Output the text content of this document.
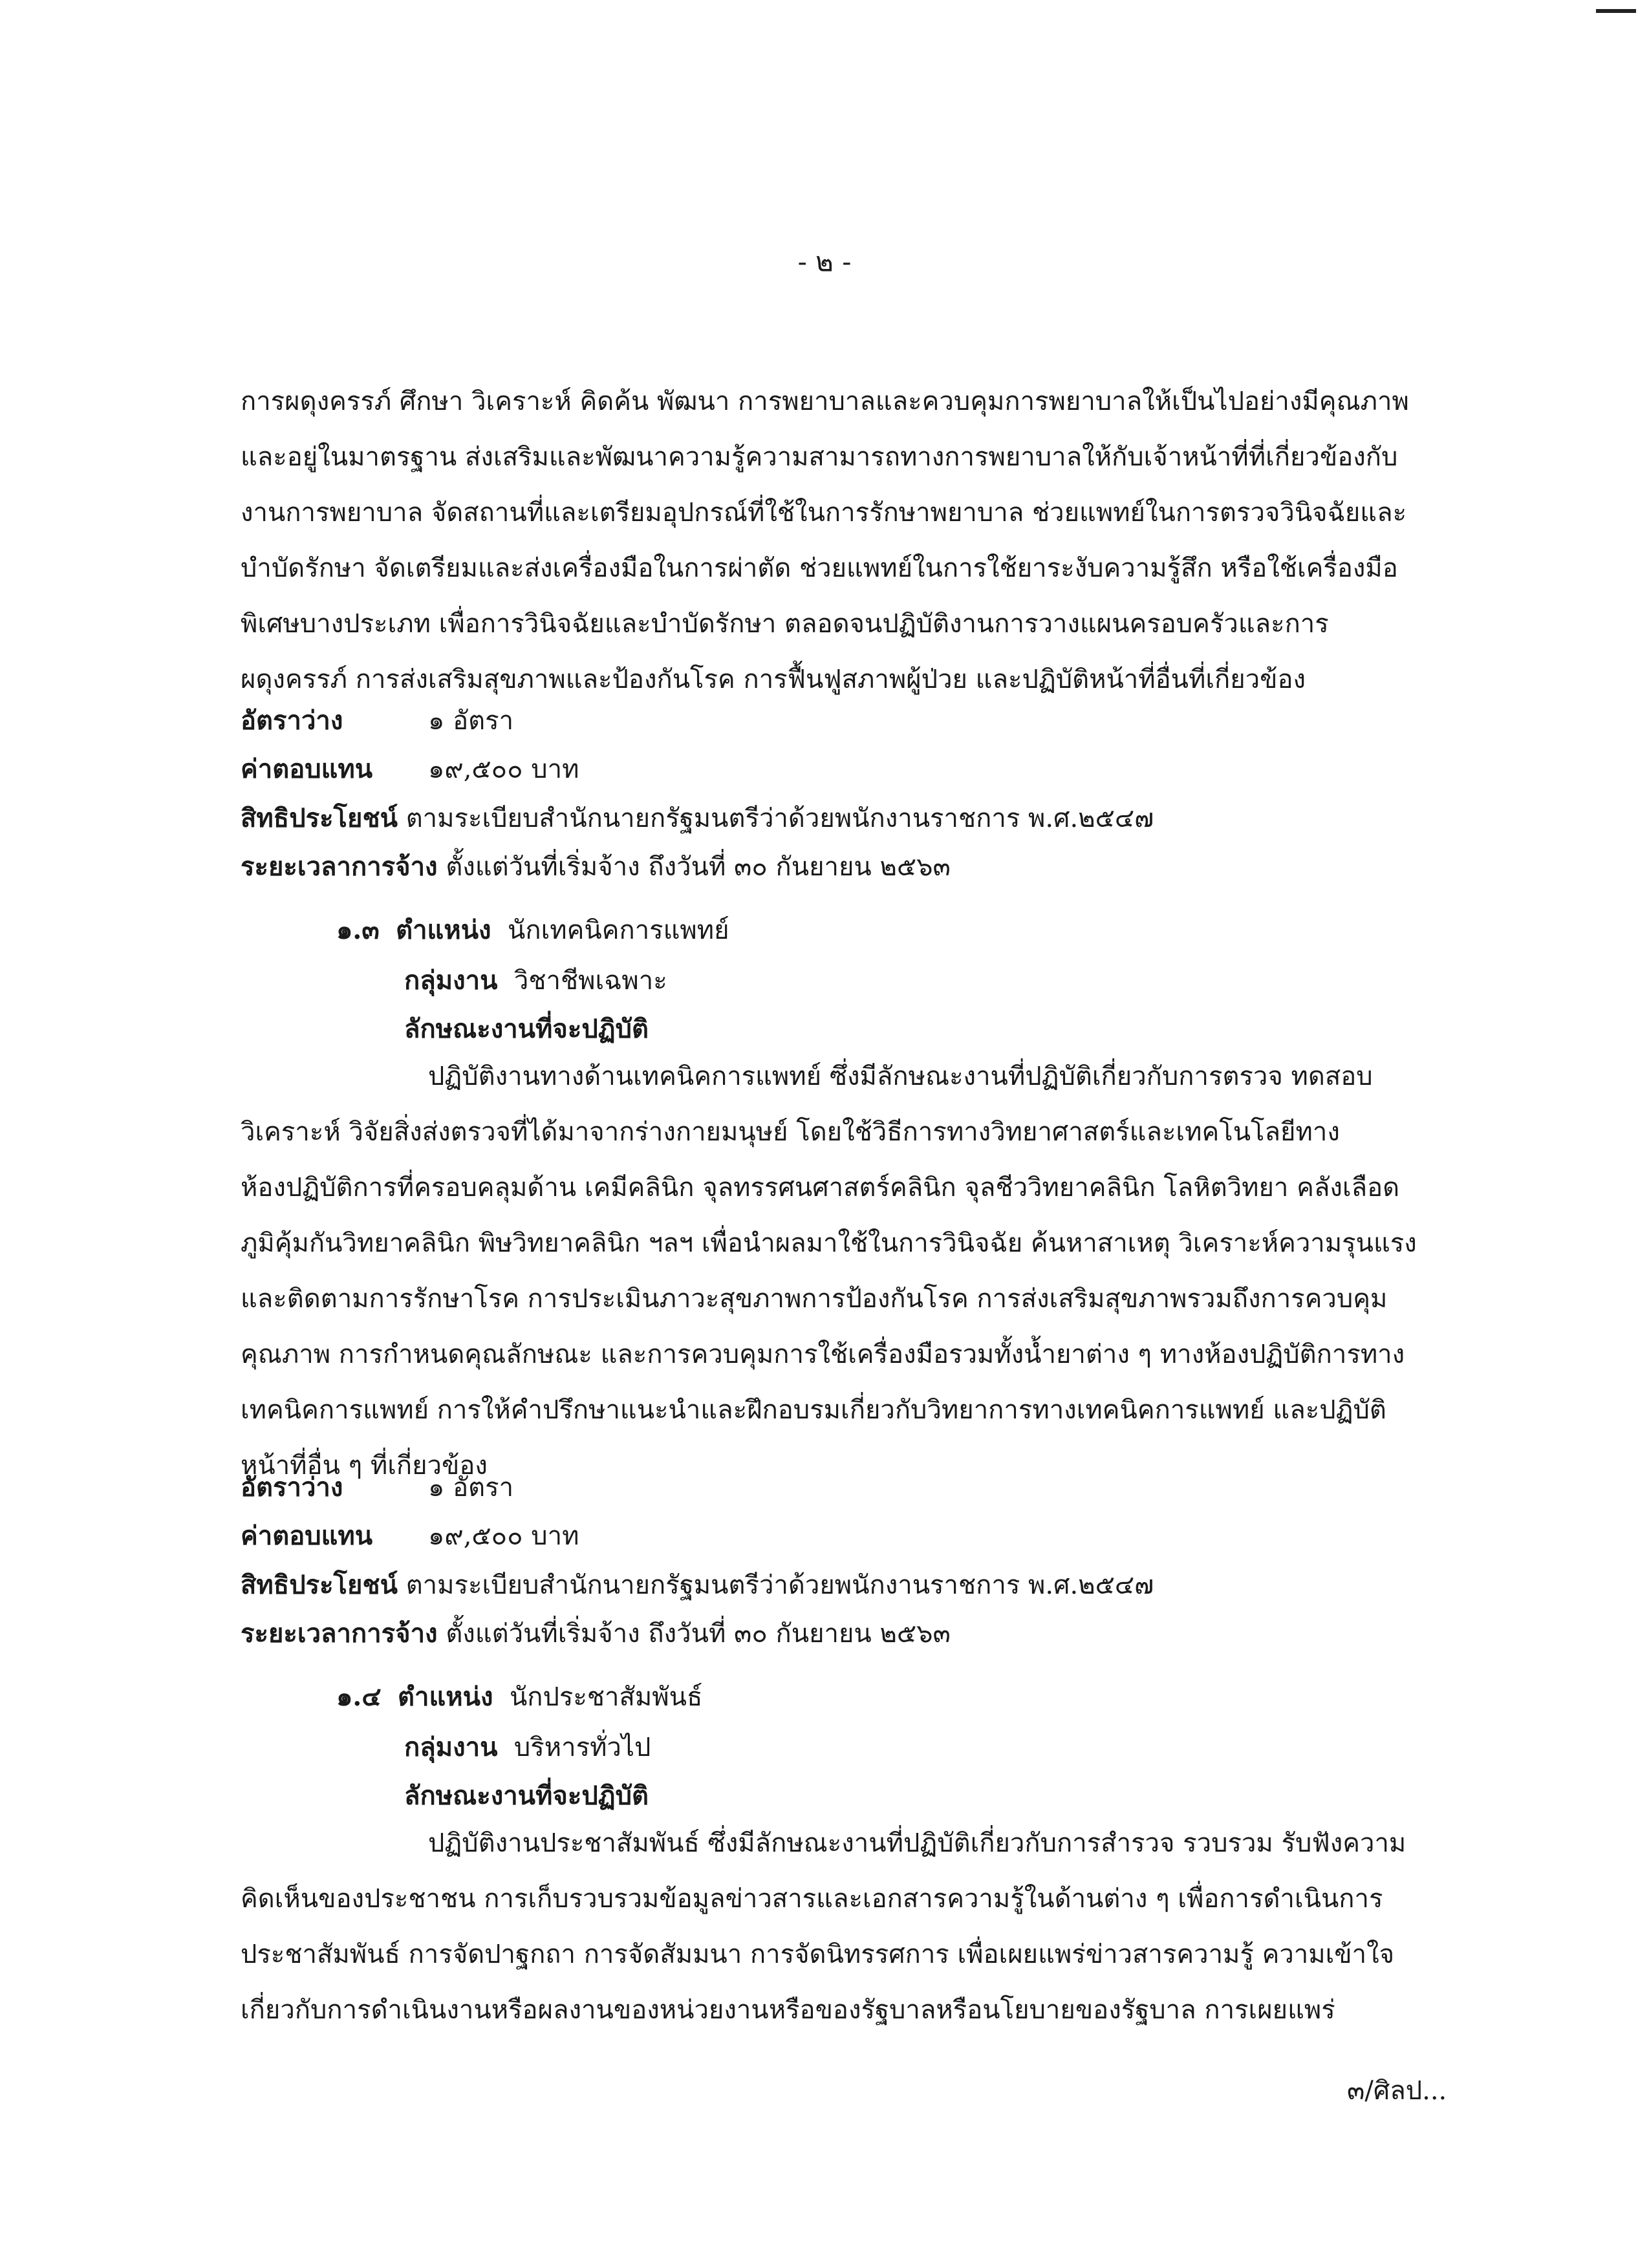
- ๒ -
การผดุงครรภ์ ศึกษา วิเคราะห์ คิดค้น พัฒนา การพยาบาลและควบคุมการพยาบาลให้เป็นไปอย่างมีคุณภาพ
และอยู่ในมาตรฐาน ส่งเสริมและพัฒนาความรู้ความสามารถทางการพยาบาลให้กับเจ้าหน้าที่ที่เกี่ยวข้องกับ
งานการพยาบาล จัดสถานที่และเตรียมอุปกรณ์ที่ใช้ในการรักษาพยาบาล ช่วยแพทย์ในการตรวจวินิจฉัยและ
บำบัดรักษา จัดเตรียมและส่งเครื่องมือในการผ่าตัด ช่วยแพทย์ในการใช้ยาระงับความรู้สึก หรือใช้เครื่องมือ
พิเศษบางประเภท เพื่อการวินิจฉัยและบำบัดรักษา ตลอดจนปฏิบัติงานการวางแผนครอบครัวและการ
ผดุงครรภ์ การส่งเสริมสุขภาพและป้องกันโรค การฟื้นฟูสภาพผู้ป่วย และปฏิบัติหน้าที่อื่นที่เกี่ยวข้อง
อัตราว่าง	๑ อัตรา
ค่าตอบแทน ๑๙,๕๐๐ บาท
สิทธิประโยชน์ ตามระเบียบสำนักนายกรัฐมนตรีว่าด้วยพนักงานราชการ พ.ศ.๒๕๔๗
ระยะเวลาการจ้าง ตั้งแต่วันที่เริ่มจ้าง ถึงวันที่ ๓๐ กันยายน ๒๕๖๓
๑.๓ ตำแหน่ง นักเทคนิคการแพทย์
กลุ่มงาน วิชาชีพเฉพาะ
ลักษณะงานที่จะปฏิบัติ
ปฏิบัติงานทางด้านเทคนิคการแพทย์ ซึ่งมีลักษณะงานที่ปฏิบัติเกี่ยวกับการตรวจ ทดสอบ
วิเคราะห์ วิจัยสิ่งส่งตรวจที่ได้มาจากร่างกายมนุษย์ โดยใช้วิธีการทางวิทยาศาสตร์และเทคโนโลยีทาง
ห้องปฏิบัติการที่ครอบคลุมด้าน เคมีคลินิก จุลทรรศนศาสตร์คลินิก จุลชีววิทยาคลินิก โลหิตวิทยา คลังเลือด
ภูมิคุ้มกันวิทยาคลินิก พิษวิทยาคลินิก ฯลฯ เพื่อนำผลมาใช้ในการวินิจฉัย ค้นหาสาเหตุ วิเคราะห์ความรุนแรง
และติดตามการรักษาโรค การประเมินภาวะสุขภาพการป้องกันโรค การส่งเสริมสุขภาพรวมถึงการควบคุม
คุณภาพ การกำหนดคุณลักษณะ และการควบคุมการใช้เครื่องมือรวมทั้งน้ำยาต่าง ๆ ทางห้องปฏิบัติการทาง
เทคนิคการแพทย์ การให้คำปรึกษาแนะนำและฝึกอบรมเกี่ยวกับวิทยาการทางเทคนิคการแพทย์ และปฏิบัติ
หน้าที่อื่น ๆ ที่เกี่ยวข้อง
อัตราว่าง	๑ อัตรา
ค่าตอบแทน ๑๙,๕๐๐ บาท
สิทธิประโยชน์ ตามระเบียบสำนักนายกรัฐมนตรีว่าด้วยพนักงานราชการ พ.ศ.๒๕๔๗
ระยะเวลาการจ้าง ตั้งแต่วันที่เริ่มจ้าง ถึงวันที่ ๓๐ กันยายน ๒๕๖๓
๑.๔ ตำแหน่ง นักประชาสัมพันธ์
กลุ่มงาน บริหารทั่วไป
ลักษณะงานที่จะปฏิบัติ
ปฏิบัติงานประชาสัมพันธ์ ซึ่งมีลักษณะงานที่ปฏิบัติเกี่ยวกับการสำรวจ รวบรวม รับฟังความ
คิดเห็นของประชาชน การเก็บรวบรวมข้อมูลข่าวสารและเอกสารความรู้ในด้านต่าง ๆ เพื่อการดำเนินการ
ประชาสัมพันธ์ การจัดปาฐกถา การจัดสัมมนา การจัดนิทรรศการ เพื่อเผยแพร่ข่าวสารความรู้ ความเข้าใจ
เกี่ยวกับการดำเนินงานหรือผลงานของหน่วยงานหรือของรัฐบาลหรือนโยบายของรัฐบาล การเผยแพร่
๓/ศิลป...
